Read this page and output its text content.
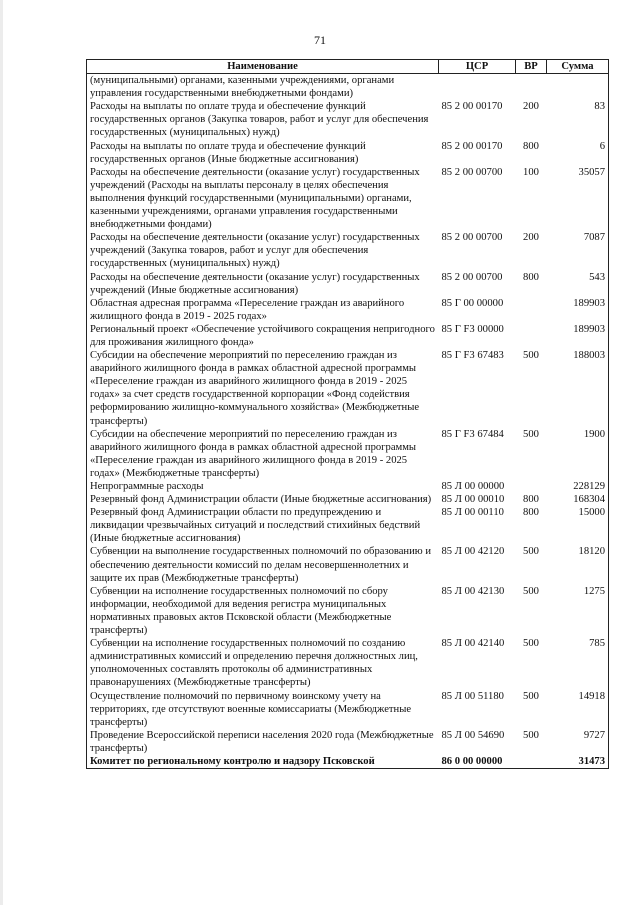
71
Наименование	ЦСР	ВР	Сумма
(муниципальными) органами, казенными учреждениями, органами управления государственными внебюджетными фондами)			
Расходы на выплаты по оплате труда и обеспечение функций государственных органов (Закупка товаров, работ и услуг для обеспечения государственных (муниципальных) нужд)	85 2 00 00170	200	83
Расходы на выплаты по оплате труда и обеспечение функций государственных органов (Иные бюджетные ассигнования)	85 2 00 00170	800	6
Расходы на обеспечение деятельности (оказание услуг) государственных учреждений (Расходы на выплаты персоналу в целях обеспечения выполнения функций государственными (муниципальными) органами, казенными учреждениями, органами управления государственными внебюджетными фондами)	85 2 00 00700	100	35057
Расходы на обеспечение деятельности (оказание услуг) государственных учреждений (Закупка товаров, работ и услуг для обеспечения государственных (муниципальных) нужд)	85 2 00 00700	200	7087
Расходы на обеспечение деятельности (оказание услуг) государственных учреждений (Иные бюджетные ассигнования)	85 2 00 00700	800	543
Областная адресная программа «Переселение граждан из аварийного жилищного фонда в 2019 - 2025 годах»	85 Г 00 00000		189903
Региональный проект «Обеспечение устойчивого сокращения непригодного для проживания жилищного фонда»	85 Г F3 00000		189903
Субсидии на обеспечение мероприятий по переселению граждан из аварийного жилищного фонда в рамках областной адресной программы «Переселение граждан из аварийного жилищного фонда в 2019 - 2025 годах» за счет средств государственной корпорации «Фонд содействия реформированию жилищно-коммунального хозяйства» (Межбюджетные трансферты)	85 Г F3 67483	500	188003
Субсидии на обеспечение мероприятий по переселению граждан из аварийного жилищного фонда в рамках областной адресной программы «Переселение граждан из аварийного жилищного фонда в 2019 - 2025 годах» (Межбюджетные трансферты)	85 Г F3 67484	500	1900
Непрограммные расходы	85 Л 00 00000		228129
Резервный фонд Администрации области (Иные бюджетные ассигнования)	85 Л 00 00010	800	168304
Резервный фонд Администрации области по предупреждению и ликвидации чрезвычайных ситуаций и последствий стихийных бедствий (Иные бюджетные ассигнования)	85 Л 00 00110	800	15000
Субвенции на выполнение государственных полномочий по образованию и обеспечению деятельности комиссий по делам несовершеннолетних и защите их прав (Межбюджетные трансферты)	85 Л 00 42120	500	18120
Субвенции на исполнение государственных полномочий по сбору информации, необходимой для ведения регистра муниципальных нормативных правовых актов Псковской области (Межбюджетные трансферты)	85 Л 00 42130	500	1275
Субвенции на исполнение государственных полномочий по созданию административных комиссий и определению перечня должностных лиц, уполномоченных составлять протоколы об административных правонарушениях (Межбюджетные трансферты)	85 Л 00 42140	500	785
Осуществление полномочий по первичному воинскому учету на территориях, где отсутствуют военные комиссариаты (Межбюджетные трансферты)	85 Л 00 51180	500	14918
Проведение Всероссийской переписи населения 2020 года (Межбюджетные трансферты)	85 Л 00 54690	500	9727
Комитет по региональному контролю и надзору Псковской	86 0 00 00000		31473
